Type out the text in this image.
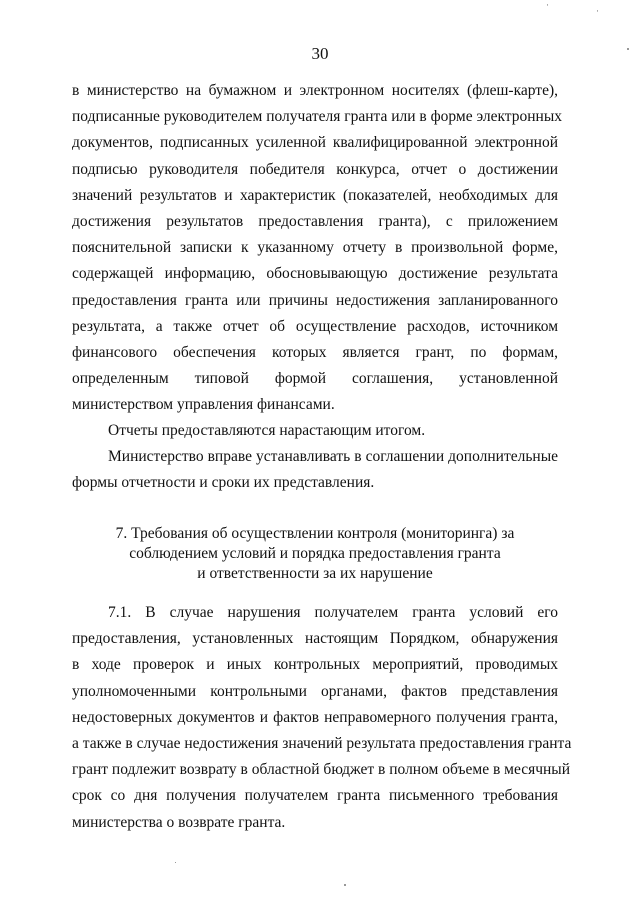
·	‾‾
·
30
в министерство на бумажном и электронном носителях (флеш-карте),
подписанные руководителем получателя гранта или в форме электронных
документов, подписанных усиленной квалифицированной электронной
подписью руководителя победителя конкурса, отчет о достижении
значений результатов и характеристик (показателей, необходимых для
достижения результатов предоставления гранта), с приложением
пояснительной записки к указанному отчету в произвольной форме,
содержащей информацию, обосновывающую достижение результата
предоставления гранта или причины недостижения запланированного
результата, а также отчет об осуществление расходов, источником
финансового обеспечения которых является грант, по формам,
определенным типовой формой соглашения, установленной
министерством управления финансами.
Отчеты предоставляются нарастающим итогом.
Министерство вправе устанавливать в соглашении дополнительные
формы отчетности и сроки их представления.
7. Требования об осуществлении контроля (мониторинга) за
соблюдением условий и порядка предоставления гранта
и ответственности за их нарушение
7.1. В случае нарушения получателем гранта условий его
предоставления, установленных настоящим Порядком, обнаружения
в ходе проверок и иных контрольных мероприятий, проводимых
уполномоченными контрольными органами, фактов представления
недостоверных документов и фактов неправомерного получения гранта,
а также в случае недостижения значений результата предоставления гранта
грант подлежит возврату в областной бюджет в полном объеме в месячный
срок со дня получения получателем гранта письменного требования
министерства о возврате гранта.
